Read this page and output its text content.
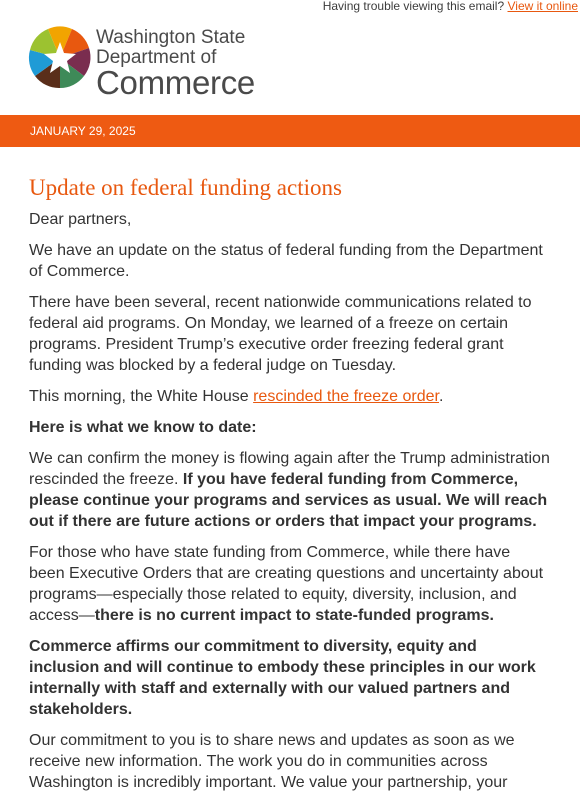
Having trouble viewing this email? View it online
Washington State
Department of
Commerce
JANUARY 29, 2025
Update on federal funding actions

Dear partners,

We have an update on the status of federal funding from the Department of Commerce.

There have been several, recent nationwide communications related to federal aid programs. On Monday, we learned of a freeze on certain programs. President Trump’s executive order freezing federal grant funding was blocked by a federal judge on Tuesday.

This morning, the White House rescinded the freeze order.

Here is what we know to date:

We can confirm the money is flowing again after the Trump administration rescinded the freeze. If you have federal funding from Commerce, please continue your programs and services as usual. We will reach out if there are future actions or orders that impact your programs.

For those who have state funding from Commerce, while there have been Executive Orders that are creating questions and uncertainty about programs—especially those related to equity, diversity, inclusion, and access—there is no current impact to state-funded programs.

Commerce affirms our commitment to diversity, equity and inclusion and will continue to embody these principles in our work internally with staff and externally with our valued partners and stakeholders.

Our commitment to you is to share news and updates as soon as we receive new information. The work you do in communities across Washington is incredibly important. We value your partnership, your
